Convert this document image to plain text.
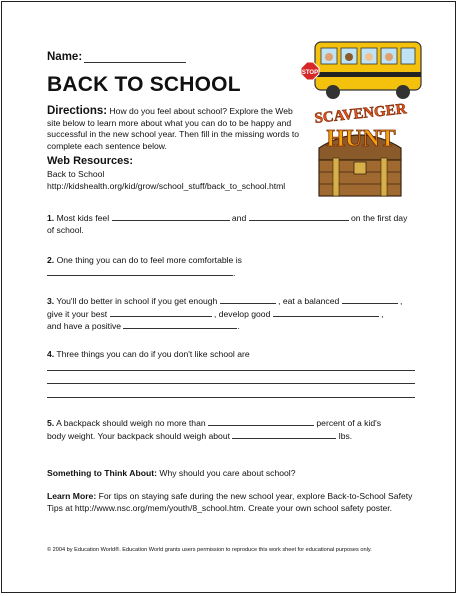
Name:
BACK TO SCHOOL
Directions: How do you feel about school? Explore the Web site below to learn more about what you can do to be happy and successful in the new school year. Then fill in the missing words to complete each sentence below.
Web Resources:
Back to School
http://kidshealth.org/kid/grow/school_stuff/back_to_school.html
STOP
SCAVENGER
HUNT
1. Most kids feel	and	on the first day
of school.
2. One thing you can do to feel more comfortable is
.
3. You'll do better in school if you get enough	, eat a balanced	,
give it your best	, develop good	,
and have a positive	.
4. Three things you can do if you don't like school are
5. A backpack should weigh no more than	percent of a kid's
body weight. Your backpack should weigh about	lbs.
Something to Think About: Why should you care about school?
Learn More: For tips on staying safe during the new school year, explore Back-to-School Safety Tips at http://www.nsc.org/mem/youth/8_school.htm. Create your own school safety poster.
© 2004 by Education World®. Education World grants users permission to reproduce this work sheet for educational purposes only.
